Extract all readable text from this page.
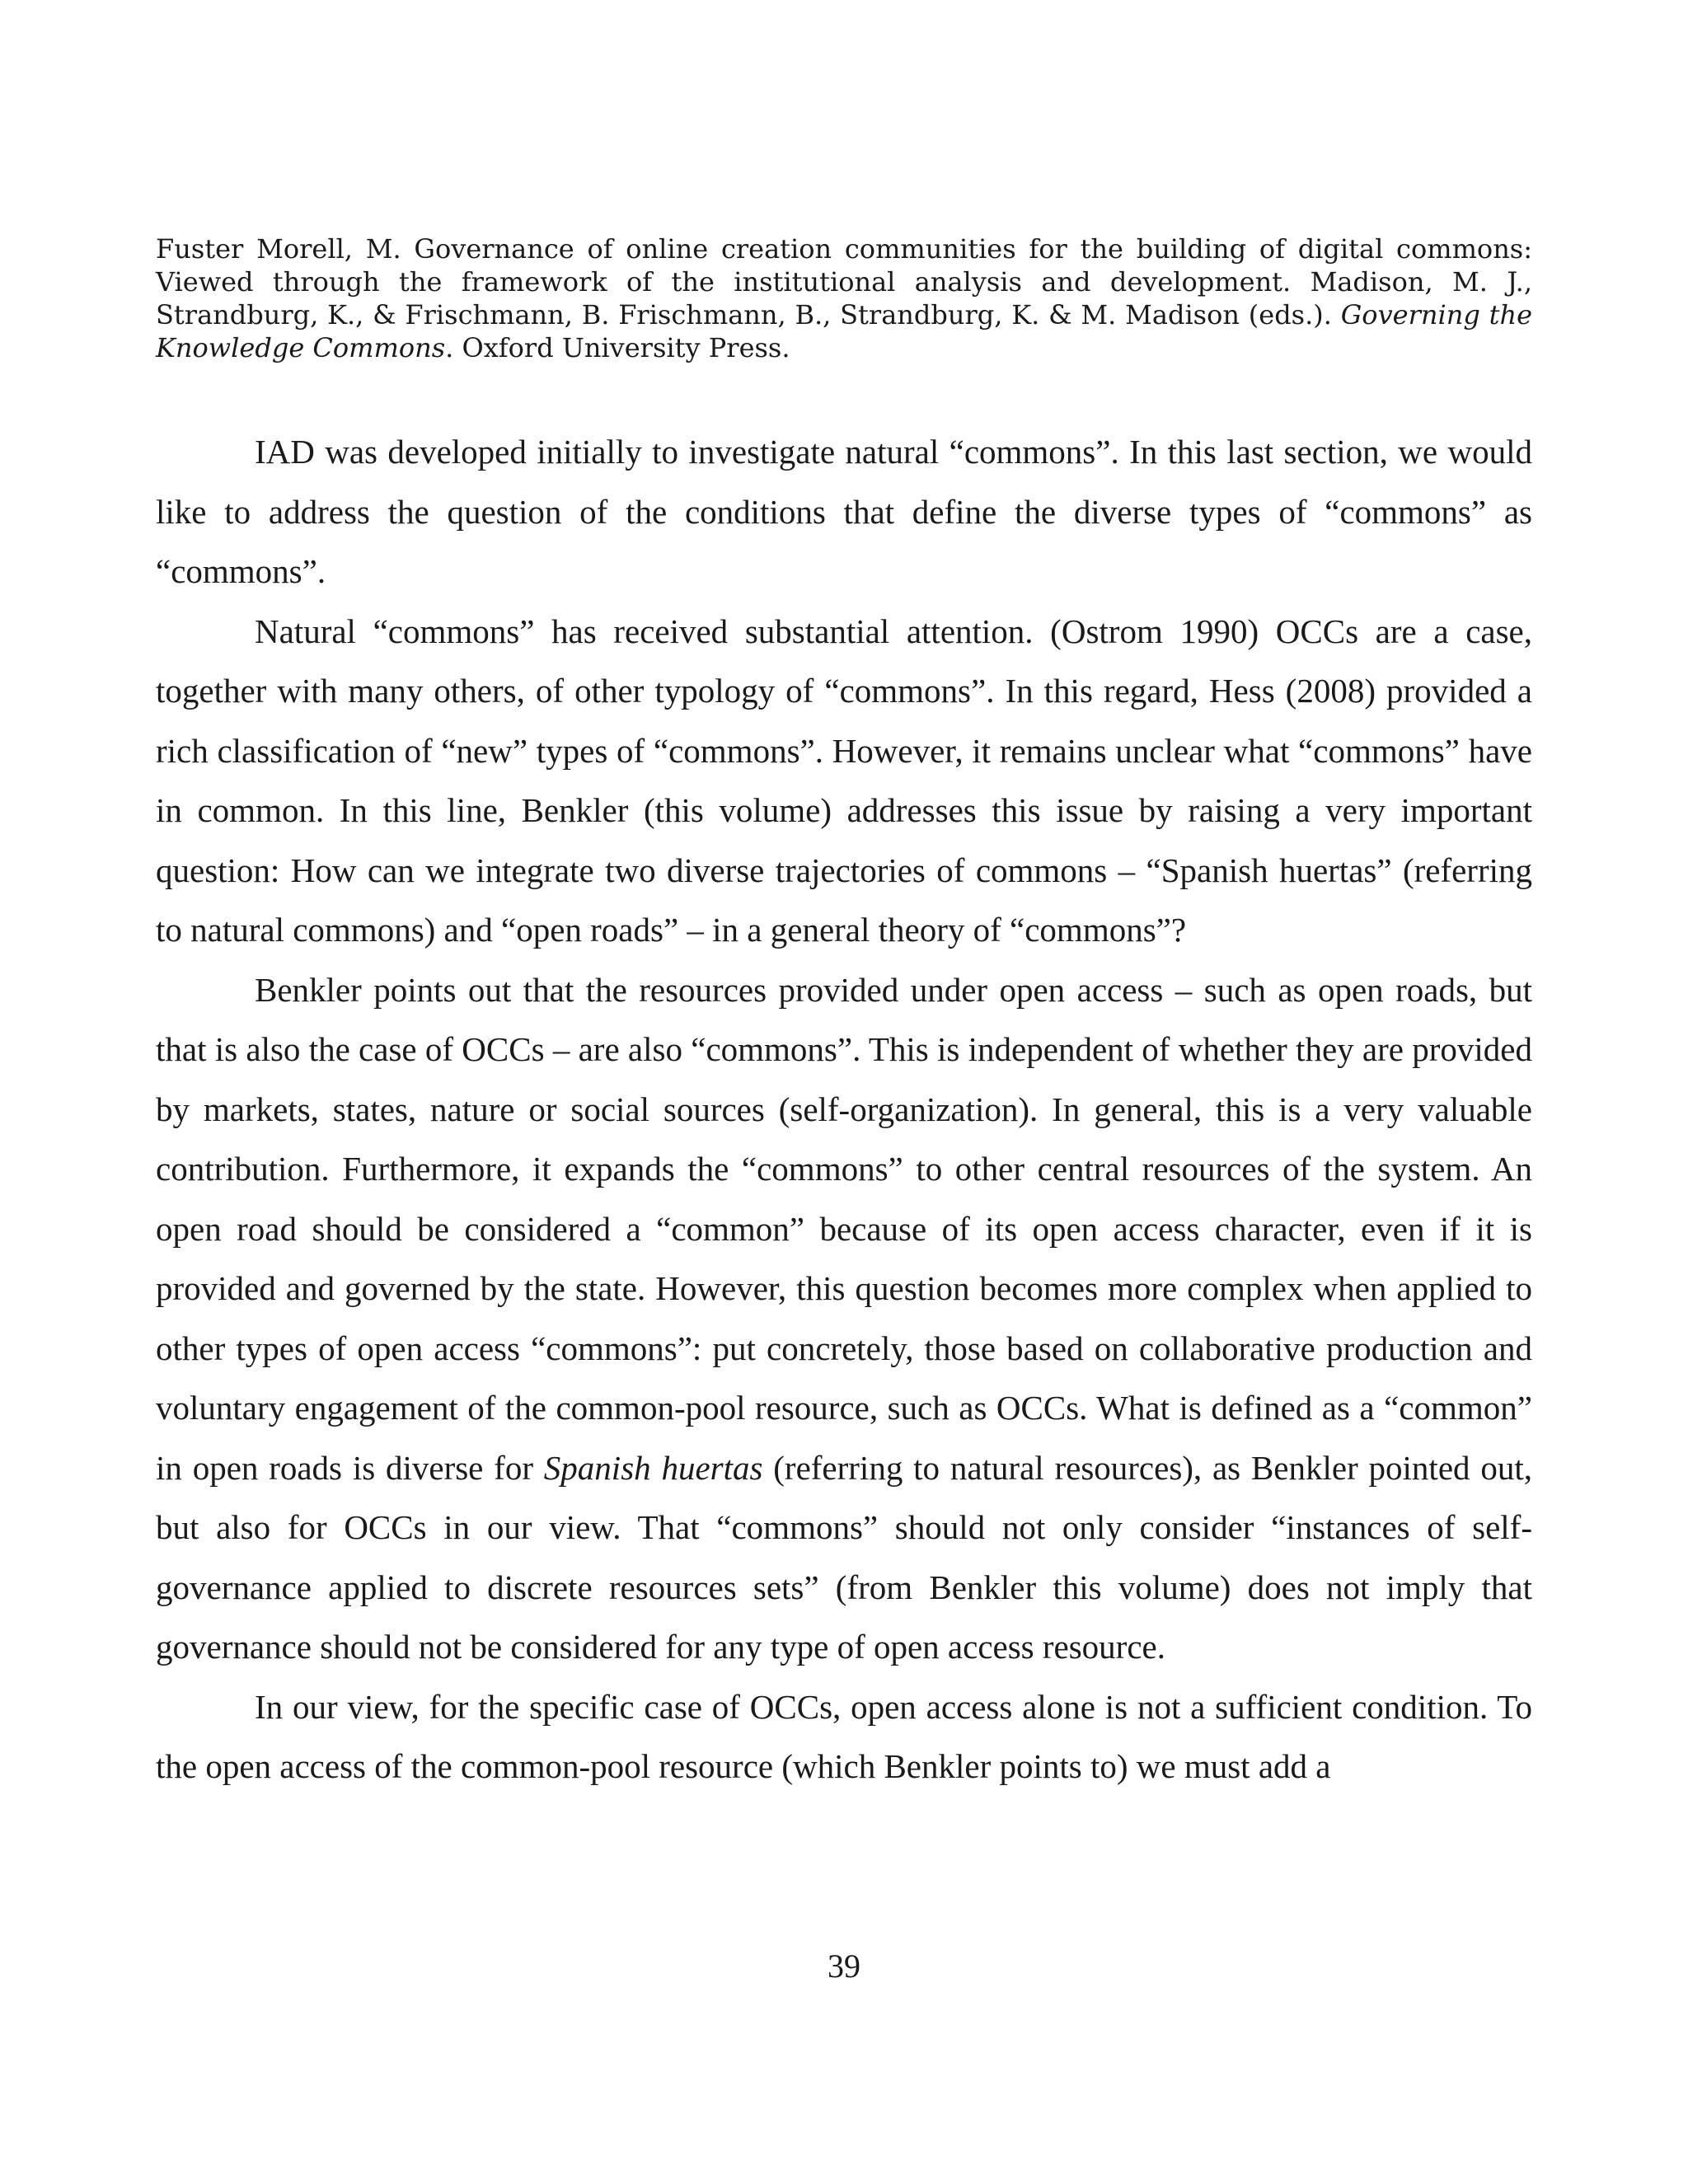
Fuster Morell, M. Governance of online creation communities for the building of digital commons: Viewed through the framework of the institutional analysis and development. Madison, M. J., Strandburg, K., & Frischmann, B. Frischmann, B., Strandburg, K. & M. Madison (eds.). Governing the Knowledge Commons. Oxford University Press.

IAD was developed initially to investigate natural “commons”. In this last section, we would like to address the question of the conditions that define the diverse types of “commons” as “commons”.

Natural “commons” has received substantial attention. (Ostrom 1990) OCCs are a case, together with many others, of other typology of “commons”. In this regard, Hess (2008) provided a rich classification of “new” types of “commons”. However, it remains unclear what “commons” have in common. In this line, Benkler (this volume) addresses this issue by raising a very important question: How can we integrate two diverse trajectories of commons – “Spanish huertas” (referring to natural commons) and “open roads” – in a general theory of “commons”?

Benkler points out that the resources provided under open access – such as open roads, but that is also the case of OCCs – are also “commons”. This is independent of whether they are provided by markets, states, nature or social sources (self-organization). In general, this is a very valuable contribution. Furthermore, it expands the “commons” to other central resources of the system. An open road should be considered a “common” because of its open access character, even if it is provided and governed by the state. However, this question becomes more complex when applied to other types of open access “commons”: put concretely, those based on collaborative production and voluntary engagement of the common-pool resource, such as OCCs. What is defined as a “common” in open roads is diverse for Spanish huertas (referring to natural resources), as Benkler pointed out, but also for OCCs in our view. That “commons” should not only consider “instances of self-governance applied to discrete resources sets” (from Benkler this volume) does not imply that governance should not be considered for any type of open access resource.

In our view, for the specific case of OCCs, open access alone is not a sufficient condition. To the open access of the common-pool resource (which Benkler points to) we must add a

39
